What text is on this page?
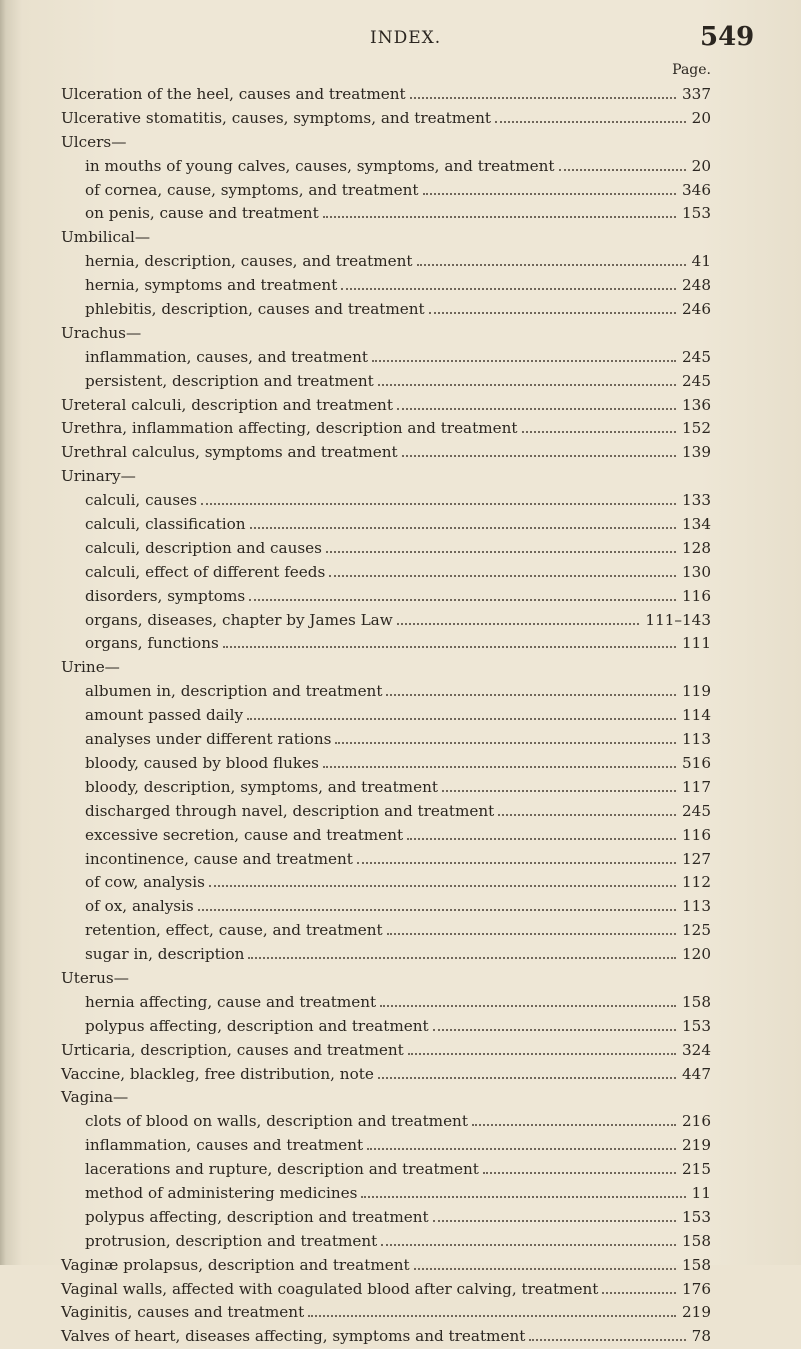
INDEX.	549
Page.
Ulceration of the heel, causes and treatment	337
Ulcerative stomatitis, causes, symptoms, and treatment	20
Ulcers—
in mouths of young calves, causes, symptoms, and treatment	20
of cornea, cause, symptoms, and treatment	346
on penis, cause and treatment	153
Umbilical—
hernia, description, causes, and treatment	41
hernia, symptoms and treatment	248
phlebitis, description, causes and treatment	246
Urachus—
inflammation, causes, and treatment	245
persistent, description and treatment	245
Ureteral calculi, description and treatment	136
Urethra, inflammation affecting, description and treatment	152
Urethral calculus, symptoms and treatment	139
Urinary—
calculi, causes	133
calculi, classification	134
calculi, description and causes	128
calculi, effect of different feeds	130
disorders, symptoms	116
organs, diseases, chapter by James Law	111–143
organs, functions	111
Urine—
albumen in, description and treatment	119
amount passed daily	114
analyses under different rations	113
bloody, caused by blood flukes	516
bloody, description, symptoms, and treatment	117
discharged through navel, description and treatment	245
excessive secretion, cause and treatment	116
incontinence, cause and treatment	127
of cow, analysis	112
of ox, analysis	113
retention, effect, cause, and treatment	125
sugar in, description	120
Uterus—
hernia affecting, cause and treatment	158
polypus affecting, description and treatment	153
Urticaria, description, causes and treatment	324
Vaccine, blackleg, free distribution, note	447
Vagina—
clots of blood on walls, description and treatment	216
inflammation, causes and treatment	219
lacerations and rupture, description and treatment	215
method of administering medicines	11
polypus affecting, description and treatment	153
protrusion, description and treatment	158
Vaginæ prolapsus, description and treatment	158
Vaginal walls, affected with coagulated blood after calving, treatment	176
Vaginitis, causes and treatment	219
Valves of heart, diseases affecting, symptoms and treatment	78
